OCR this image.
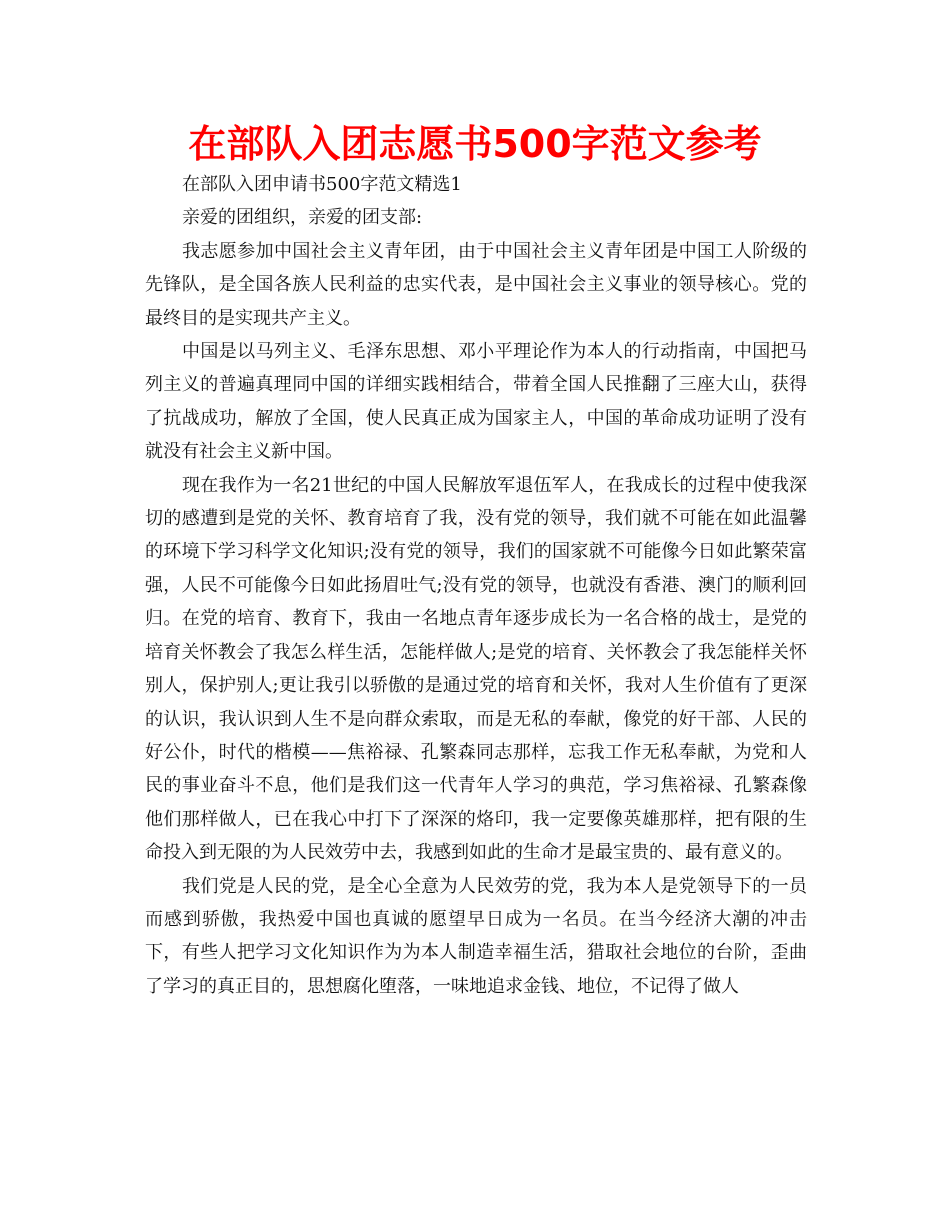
在部队入团志愿书500字范文参考

在部队入团申请书500字范文精选1

亲爱的团组织，亲爱的团支部:

我志愿参加中国社会主义青年团，由于中国社会主义青年团是中国工人阶级的先锋队，是全国各族人民利益的忠实代表，是中国社会主义事业的领导核心。党的最终目的是实现共产主义。

中国是以马列主义、毛泽东思想、邓小平理论作为本人的行动指南，中国把马列主义的普遍真理同中国的详细实践相结合，带着全国人民推翻了三座大山，获得了抗战成功，解放了全国，使人民真正成为国家主人，中国的革命成功证明了没有就没有社会主义新中国。

现在我作为一名21世纪的中国人民解放军退伍军人，在我成长的过程中使我深切的感遭到是党的关怀、教育培育了我，没有党的领导，我们就不可能在如此温馨的环境下学习科学文化知识;没有党的领导，我们的国家就不可能像今日如此繁荣富强，人民不可能像今日如此扬眉吐气;没有党的领导，也就没有香港、澳门的顺利回归。在党的培育、教育下，我由一名地点青年逐步成长为一名合格的战士，是党的培育关怀教会了我怎么样生活，怎能样做人;是党的培育、关怀教会了我怎能样关怀别人，保护别人;更让我引以骄傲的是通过党的培育和关怀，我对人生价值有了更深的认识，我认识到人生不是向群众索取，而是无私的奉献，像党的好干部、人民的好公仆，时代的楷模——焦裕禄、孔繁森同志那样，忘我工作无私奉献，为党和人民的事业奋斗不息，他们是我们这一代青年人学习的典范，学习焦裕禄、孔繁森像他们那样做人，已在我心中打下了深深的烙印，我一定要像英雄那样，把有限的生命投入到无限的为人民效劳中去，我感到如此的生命才是最宝贵的、最有意义的。

我们党是人民的党，是全心全意为人民效劳的党，我为本人是党领导下的一员而感到骄傲，我热爱中国也真诚的愿望早日成为一名员。在当今经济大潮的冲击下，有些人把学习文化知识作为为本人制造幸福生活，猎取社会地位的台阶，歪曲了学习的真正目的，思想腐化堕落，一味地追求金钱、地位，不记得了做人
